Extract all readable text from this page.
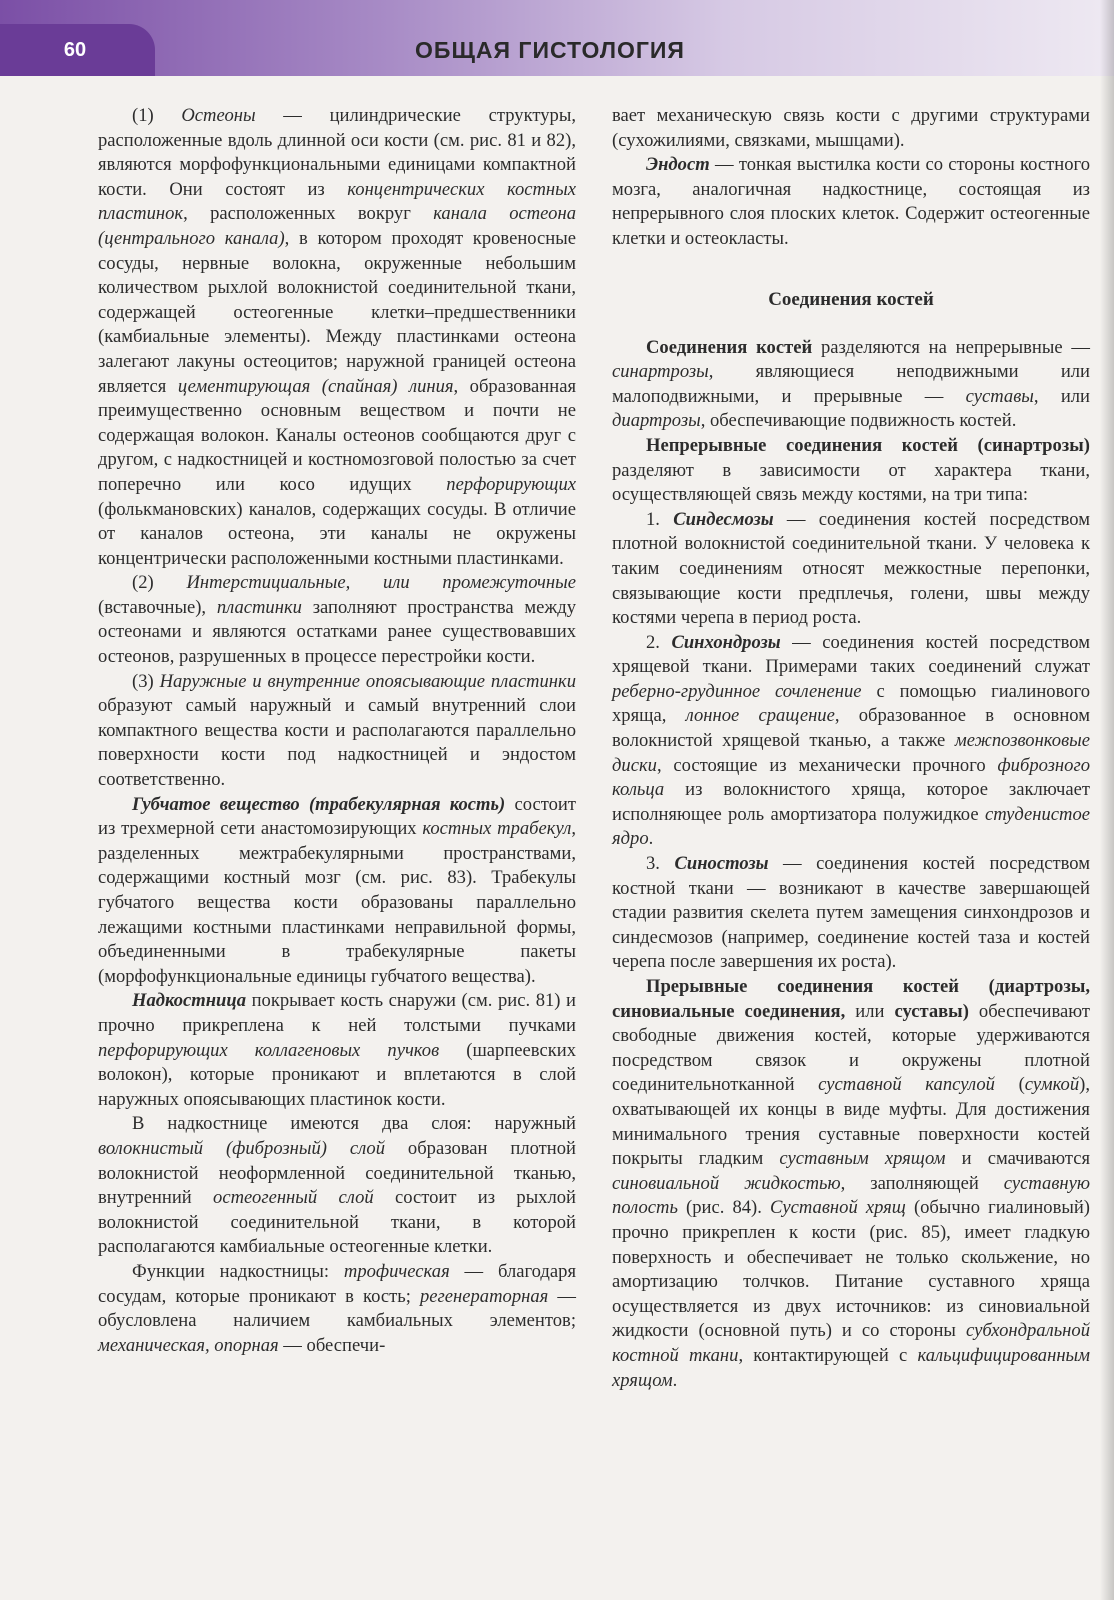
60	ОБЩАЯ ГИСТОЛОГИЯ

(1) Остеоны — цилиндрические структуры, расположенные вдоль длинной оси кости (см. рис. 81 и 82), являются морфофункциональными единицами компактной кости. Они состоят из концентрических костных пластинок, расположенных вокруг канала остеона (центрального канала), в котором проходят кровеносные сосуды, нервные волокна, окруженные небольшим количеством рыхлой волокнистой соединительной ткани, содержащей остеогенные клетки–предшественники (камбиальные элементы). Между пластинками остеона залегают лакуны остеоцитов; наружной границей остеона является цементирующая (спайная) линия, образованная преимущественно основным веществом и почти не содержащая волокон. Каналы остеонов сообщаются друг с другом, с надкостницей и костномозговой полостью за счет поперечно или косо идущих перфорирующих (фолькмановских) каналов, содержащих сосуды. В отличие от каналов остеона, эти каналы не окружены концентрически расположенными костными пластинками.

(2) Интерстициальные, или промежуточные (вставочные), пластинки заполняют пространства между остеонами и являются остатками ранее существовавших остеонов, разрушенных в процессе перестройки кости.

(3) Наружные и внутренние опоясывающие пластинки образуют самый наружный и самый внутренний слои компактного вещества кости и располагаются параллельно поверхности кости под надкостницей и эндостом соответственно.

Губчатое вещество (трабекулярная кость) состоит из трехмерной сети анастомозирующих костных трабекул, разделенных межтрабекулярными пространствами, содержащими костный мозг (см. рис. 83). Трабекулы губчатого вещества кости образованы параллельно лежащими костными пластинками неправильной формы, объединенными в трабекулярные пакеты (морфофункциональные единицы губчатого вещества).

Надкостница покрывает кость снаружи (см. рис. 81) и прочно прикреплена к ней толстыми пучками перфорирующих коллагеновых пучков (шарпеевских волокон), которые проникают и вплетаются в слой наружных опоясывающих пластинок кости.

В надкостнице имеются два слоя: наружный волокнистый (фиброзный) слой образован плотной волокнистой неоформленной соединительной тканью, внутренний остеогенный слой состоит из рыхлой волокнистой соединительной ткани, в которой располагаются камбиальные остеогенные клетки.

Функции надкостницы: трофическая — благодаря сосудам, которые проникают в кость; регенераторная — обусловлена наличием камбиальных элементов; механическая, опорная — обеспечи-

вает механическую связь кости с другими структурами (сухожилиями, связками, мышцами).

Эндост — тонкая выстилка кости со стороны костного мозга, аналогичная надкостнице, состоящая из непрерывного слоя плоских клеток. Содержит остеогенные клетки и остеокласты.

Соединения костей

Соединения костей разделяются на непрерывные — синартрозы, являющиеся неподвижными или малоподвижными, и прерывные — суставы, или диартрозы, обеспечивающие подвижность костей.

Непрерывные соединения костей (синартрозы) разделяют в зависимости от характера ткани, осуществляющей связь между костями, на три типа:

1. Синдесмозы — соединения костей посредством плотной волокнистой соединительной ткани. У человека к таким соединениям относят межкостные перепонки, связывающие кости предплечья, голени, швы между костями черепа в период роста.

2. Синхондрозы — соединения костей посредством хрящевой ткани. Примерами таких соединений служат реберно-грудинное сочленение с помощью гиалинового хряща, лонное сращение, образованное в основном волокнистой хрящевой тканью, а также межпозвонковые диски, состоящие из механически прочного фиброзного кольца из волокнистого хряща, которое заключает исполняющее роль амортизатора полужидкое студенистое ядро.

3. Синостозы — соединения костей посредством костной ткани — возникают в качестве завершающей стадии развития скелета путем замещения синхондрозов и синдесмозов (например, соединение костей таза и костей черепа после завершения их роста).

Прерывные соединения костей (диартрозы, синовиальные соединения, или суставы) обеспечивают свободные движения костей, которые удерживаются посредством связок и окружены плотной соединительнотканной суставной капсулой (сумкой), охватывающей их концы в виде муфты. Для достижения минимального трения суставные поверхности костей покрыты гладким суставным хрящом и смачиваются синовиальной жидкостью, заполняющей суставную полость (рис. 84). Суставной хрящ (обычно гиалиновый) прочно прикреплен к кости (рис. 85), имеет гладкую поверхность и обеспечивает не только скольжение, но амортизацию толчков. Питание суставного хряща осуществляется из двух источников: из синовиальной жидкости (основной путь) и со стороны субхондральной костной ткани, контактирующей с кальцифицированным хрящом.
